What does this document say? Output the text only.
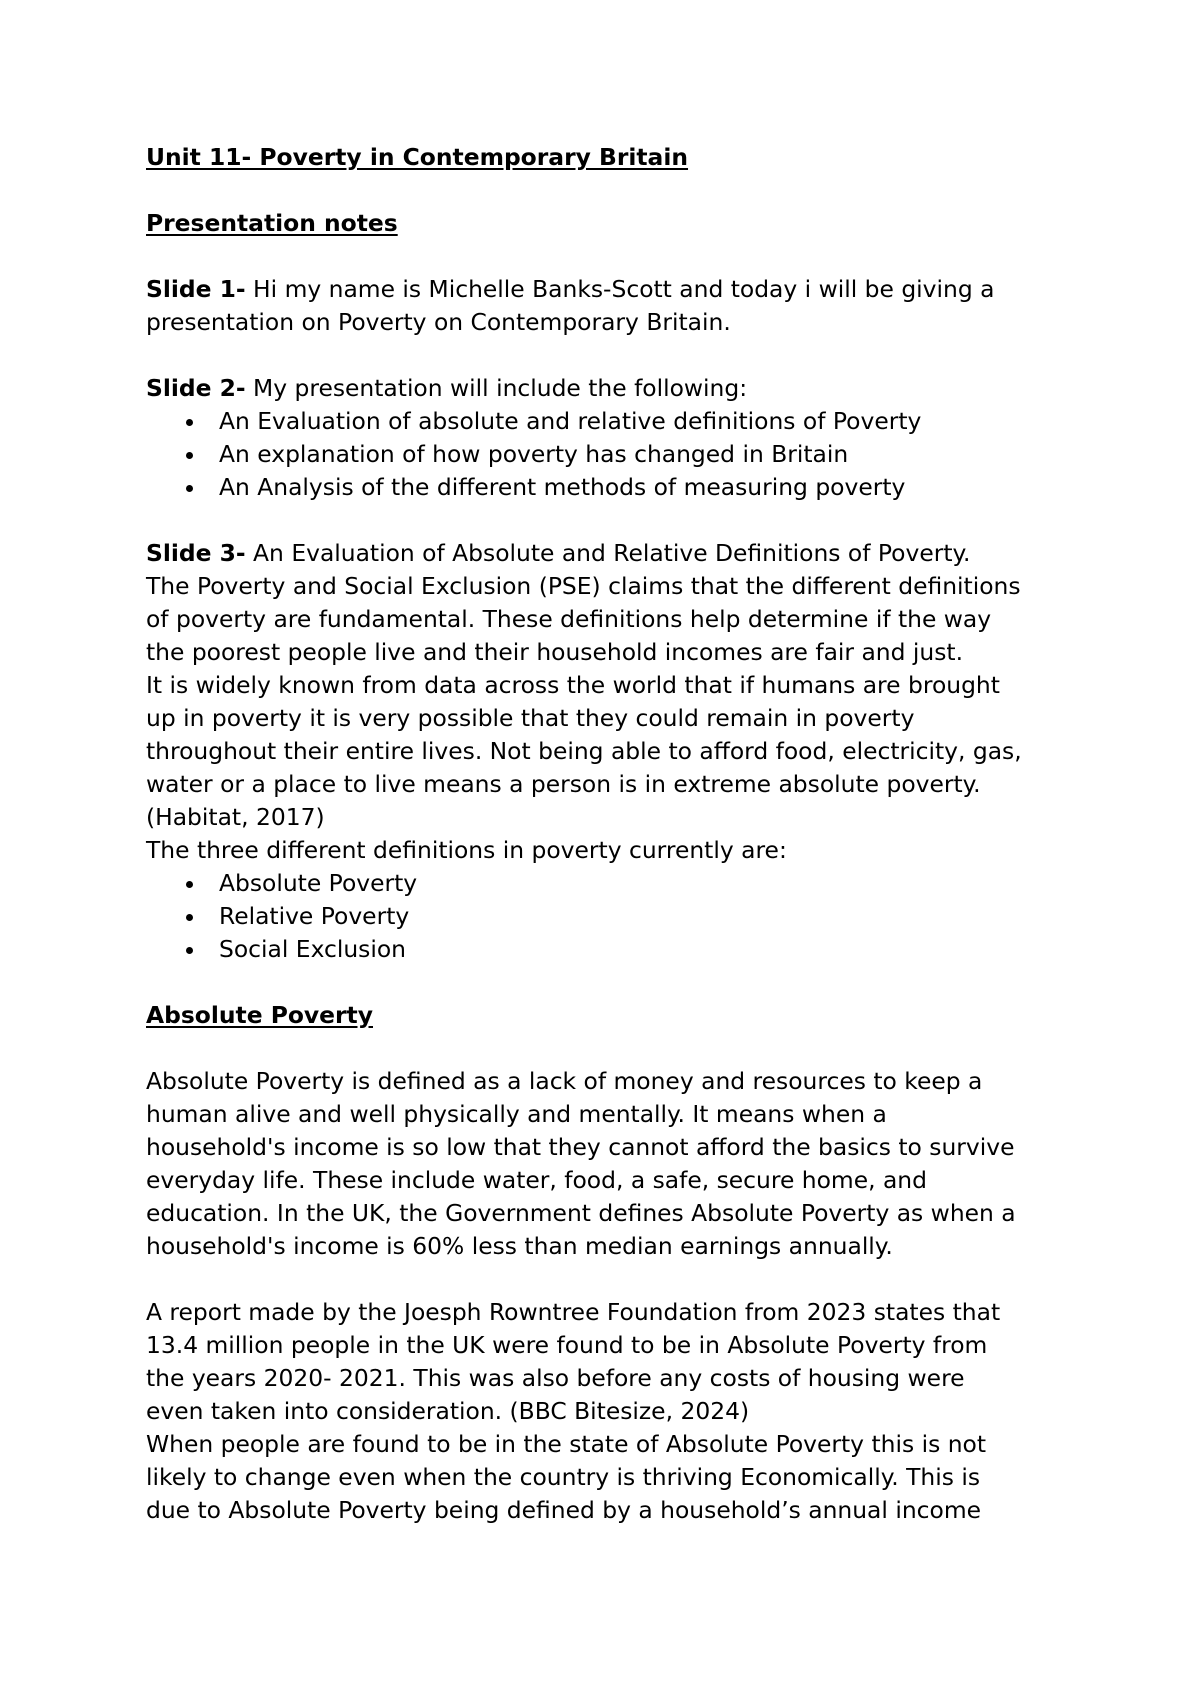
Unit 11- Poverty in Contemporary Britain

Presentation notes

Slide 1- Hi my name is Michelle Banks-Scott and today i will be giving a

presentation on Poverty on Contemporary Britain.

Slide 2- My presentation will include the following:

An Evaluation of absolute and relative definitions of Poverty
An explanation of how poverty has changed in Britain
An Analysis of the different methods of measuring poverty

Slide 3- An Evaluation of Absolute and Relative Definitions of Poverty.

The Poverty and Social Exclusion (PSE) claims that the different definitions

of poverty are fundamental. These definitions help determine if the way

the poorest people live and their household incomes are fair and just.

It is widely known from data across the world that if humans are brought

up in poverty it is very possible that they could remain in poverty

throughout their entire lives. Not being able to afford food, electricity, gas,

water or a place to live means a person is in extreme absolute poverty.

(Habitat, 2017)

The three different definitions in poverty currently are:

Absolute Poverty
Relative Poverty
Social Exclusion

Absolute Poverty

Absolute Poverty is defined as a lack of money and resources to keep a

human alive and well physically and mentally. It means when a

household's income is so low that they cannot afford the basics to survive

everyday life. These include water, food, a safe, secure home, and

education. In the UK, the Government defines Absolute Poverty as when a

household's income is 60% less than median earnings annually.

A report made by the Joesph Rowntree Foundation from 2023 states that

13.4 million people in the UK were found to be in Absolute Poverty from

the years 2020- 2021. This was also before any costs of housing were

even taken into consideration. (BBC Bitesize, 2024)

When people are found to be in the state of Absolute Poverty this is not

likely to change even when the country is thriving Economically. This is

due to Absolute Poverty being defined by a household’s annual income
